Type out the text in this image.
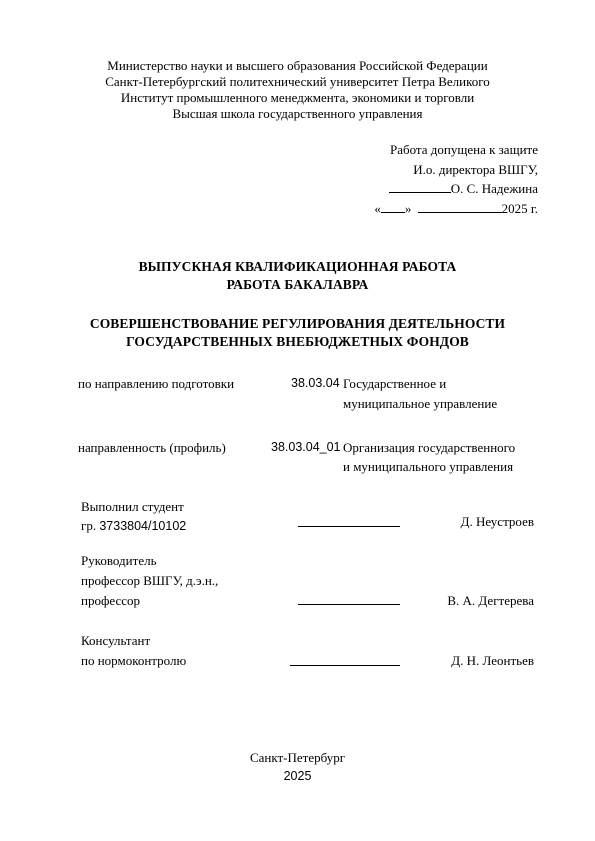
Министерство науки и высшего образования Российской Федерации
Санкт-Петербургский политехнический университет Петра Великого
Институт промышленного менеджмента, экономики и торговли
Высшая школа государственного управления
Работа допущена к защите
И.о. директора ВШГУ,
О. С. Надежина
« »	2025 г.
ВЫПУСКНАЯ КВАЛИФИКАЦИОННАЯ РАБОТА
РАБОТА БАКАЛАВРА
СОВЕРШЕНСТВОВАНИЕ РЕГУЛИРОВАНИЯ ДЕЯТЕЛЬНОСТИ
ГОСУДАРСТВЕННЫХ ВНЕБЮДЖЕТНЫХ ФОНДОВ
по направлению подготовки	38.03.04 Государственное и
муниципальное управление
направленность (профиль)	38.03.04_01 Организация государственного
и муниципального управления
Выполнил студент
гр. 3733804/10102	Д. Неустроев
Руководитель
профессор ВШГУ, д.э.н.,
профессор	В. А. Дегтерева
Консультант
по нормоконтролю	Д. Н. Леонтьев
Санкт-Петербург
2025
